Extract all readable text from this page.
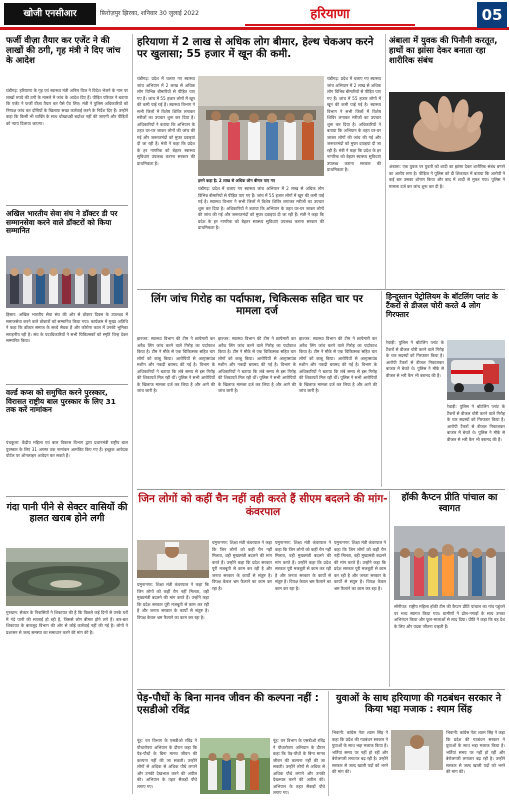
खोजी एनसीआर	फ़िरोज़पुर झिरका, शनिवार 30 जुलाई 2022	हरियाणा	05
फर्जी वीज़ा तैयार कर एजेंट ने की लाखों की ठगी, गृह मंत्री ने दिए जांच के आदेश
चंडीगढ़: हरियाणा के गृह एवं स्वास्थ्य मंत्री अनिल विज ने विदेश भेजने के नाम पर लाखों रुपये की ठगी के मामले में जांच के आदेश दिए हैं। पीड़ित परिवार ने बताया कि एजेंट ने फर्जी वीज़ा तैयार कर पैसे ऐंठ लिए। मंत्री ने पुलिस अधिकारियों को निष्पक्ष जांच कर दोषियों के खिलाफ सख्त कार्रवाई करने के निर्देश दिए हैं। उन्होंने कहा कि किसी भी व्यक्ति के साथ धोखाधड़ी बर्दाश्त नहीं की जाएगी और पीड़ितों को न्याय दिलाया जाएगा।
अखिल भारतीय सेवा संघ ने डॉक्टर डी पर सम्मानसेवा करने वाले डॉक्टरों को किया सम्मानित
हिसार: अखिल भारतीय सेवा संघ की ओर से डॉक्टर दिवस के उपलक्ष्य में समाजसेवा करने वाले डॉक्टरों को सम्मानित किया गया। कार्यक्रम में मुख्य अतिथि ने कहा कि डॉक्टर समाज के सच्चे सेवक हैं और कोरोना काल में उनकी भूमिका सराहनीय रही है। संघ के पदाधिकारियों ने सभी चिकित्सकों को स्मृति चिन्ह देकर सम्मानित किया।
वर्ल्ड कप्स को समुचित करने पुरस्कार, विरासत राष्ट्रीय बाल पुरस्कार के लिए 31 तक करें नामांकन
पंचकूला: केंद्रीय महिला एवं बाल विकास विभाग द्वारा प्रधानमंत्री राष्ट्रीय बाल पुरस्कार के लिए 31 अगस्त तक नामांकन आमंत्रित किए गए हैं। इच्छुक आवेदक पोर्टल पर ऑनलाइन आवेदन कर सकते हैं।
गंदा पानी पीने से सेक्टर वासियों की हालत खराब होने लगी
गुरुग्राम: सेक्टर के निवासियों ने शिकायत की है कि पिछले कई दिनों से उनके घरों में गंदे पानी की सप्लाई हो रही है, जिससे लोग बीमार होने लगे हैं। बार-बार शिकायत के बावजूद विभाग की ओर से कोई कार्रवाई नहीं की गई है। लोगों ने प्रशासन से जल्द समस्या का समाधान करने की मांग की है।
हरियाणा में 2 लाख से अधिक लोग बीमार, हेल्थ चेकअप करने पर खुलासा; 55 हजार में खून की कमी.
चंडीगढ़: प्रदेश में चलाए गए स्वास्थ्य जांच अभियान में 2 लाख से अधिक लोग विभिन्न बीमारियों से पीड़ित पाए गए हैं। जांच में 55 हजार लोगों में खून की कमी पाई गई है। स्वास्थ्य विभाग ने सभी जिलों में विशेष शिविर लगाकर मरीजों का उपचार शुरू कर दिया है। अधिकारियों ने बताया कि अभियान के तहत घर-घर जाकर लोगों की जांच की गई और जरूरतमंदों को मुफ्त दवाइयां दी जा रही हैं। मंत्री ने कहा कि प्रदेश के हर नागरिक को बेहतर स्वास्थ्य सुविधाएं उपलब्ध कराना सरकार की प्राथमिकता है।
हमने कहा है: 2 लाख से अधिक लोग बीमार पाए गए
चंडीगढ़: प्रदेश में चलाए गए स्वास्थ्य जांच अभियान में 2 लाख से अधिक लोग विभिन्न बीमारियों से पीड़ित पाए गए हैं। जांच में 55 हजार लोगों में खून की कमी पाई गई है। स्वास्थ्य विभाग ने सभी जिलों में विशेष शिविर लगाकर मरीजों का उपचार शुरू कर दिया है। अधिकारियों ने बताया कि अभियान के तहत घर-घर जाकर लोगों की जांच की गई और जरूरतमंदों को मुफ्त दवाइयां दी जा रही हैं। मंत्री ने कहा कि प्रदेश के हर नागरिक को बेहतर स्वास्थ्य सुविधाएं उपलब्ध कराना सरकार की प्राथमिकता है।
चंडीगढ़: प्रदेश में चलाए गए स्वास्थ्य जांच अभियान में 2 लाख से अधिक लोग विभिन्न बीमारियों से पीड़ित पाए गए हैं। जांच में 55 हजार लोगों में खून की कमी पाई गई है। स्वास्थ्य विभाग ने सभी जिलों में विशेष शिविर लगाकर मरीजों का उपचार शुरू कर दिया है। अधिकारियों ने बताया कि अभियान के तहत घर-घर जाकर लोगों की जांच की गई और जरूरतमंदों को मुफ्त दवाइयां दी जा रही हैं। मंत्री ने कहा कि प्रदेश के हर नागरिक को बेहतर स्वास्थ्य सुविधाएं उपलब्ध कराना सरकार की प्राथमिकता है।
अंबाला में युवक की पिनौनी करतूत, हाथों का झांसा देकर बनाता रहा शारीरिक संबंध
अंबाला: एक युवक पर युवती को शादी का झांसा देकर शारीरिक संबंध बनाने का आरोप लगा है। पीड़िता ने पुलिस को दी शिकायत में बताया कि आरोपी ने कई बार उसका शोषण किया और बाद में शादी से मुकर गया। पुलिस ने मामला दर्ज कर जांच शुरू कर दी है।
लिंग जांच गिरोह का पर्दाफाश, चिकित्सक सहित चार पर मामला दर्ज
झज्जर: स्वास्थ्य विभाग की टीम ने छापेमारी कर अवैध लिंग जांच करने वाले गिरोह का पर्दाफाश किया है। टीम ने मौके से एक चिकित्सक सहित चार लोगों को काबू किया। आरोपियों से अल्ट्रासाउंड मशीन और नकदी बरामद की गई है। विभाग के अधिकारियों ने बताया कि लंबे समय से इस गिरोह की शिकायतें मिल रही थीं। पुलिस ने सभी आरोपियों के खिलाफ मामला दर्ज कर लिया है और आगे की जांच जारी है।
झज्जर: स्वास्थ्य विभाग की टीम ने छापेमारी कर अवैध लिंग जांच करने वाले गिरोह का पर्दाफाश किया है। टीम ने मौके से एक चिकित्सक सहित चार लोगों को काबू किया। आरोपियों से अल्ट्रासाउंड मशीन और नकदी बरामद की गई है। विभाग के अधिकारियों ने बताया कि लंबे समय से इस गिरोह की शिकायतें मिल रही थीं। पुलिस ने सभी आरोपियों के खिलाफ मामला दर्ज कर लिया है और आगे की जांच जारी है।
झज्जर: स्वास्थ्य विभाग की टीम ने छापेमारी कर अवैध लिंग जांच करने वाले गिरोह का पर्दाफाश किया है। टीम ने मौके से एक चिकित्सक सहित चार लोगों को काबू किया। आरोपियों से अल्ट्रासाउंड मशीन और नकदी बरामद की गई है। विभाग के अधिकारियों ने बताया कि लंबे समय से इस गिरोह की शिकायतें मिल रही थीं। पुलिस ने सभी आरोपियों के खिलाफ मामला दर्ज कर लिया है और आगे की जांच जारी है।
हिन्दुस्तान पेट्रोलियम के बॉटलिंग प्लांट के टैंकरों से डीजल चोरी करते 4 लोग गिरफ्तार
रेवाड़ी: पुलिस ने बॉटलिंग प्लांट के टैंकरों से डीजल चोरी करने वाले गिरोह के चार सदस्यों को गिरफ्तार किया है। आरोपी टैंकरों से डीजल निकालकर बाजार में बेचते थे। पुलिस ने मौके से डीजल से भरी कैन भी बरामद की हैं।
रेवाड़ी: पुलिस ने बॉटलिंग प्लांट के टैंकरों से डीजल चोरी करने वाले गिरोह के चार सदस्यों को गिरफ्तार किया है। आरोपी टैंकरों से डीजल निकालकर बाजार में बेचते थे। पुलिस ने मौके से डीजल से भरी कैन भी बरामद की हैं।
जिन लोगों को कहीं चैन नहीं वही करते हैं सीएम बदलने की मांग-कंवरपाल
यमुनानगर: शिक्षा मंत्री कंवरपाल ने कहा कि जिन लोगों को कहीं चैन नहीं मिलता, वही मुख्यमंत्री बदलने की मांग करते हैं। उन्होंने कहा कि प्रदेश सरकार पूरी मजबूती से काम कर रही है और जनता सरकार के कार्यों से संतुष्ट है। विपक्ष केवल भ्रम फैलाने का काम कर रहा है।
यमुनानगर: शिक्षा मंत्री कंवरपाल ने कहा कि जिन लोगों को कहीं चैन नहीं मिलता, वही मुख्यमंत्री बदलने की मांग करते हैं। उन्होंने कहा कि प्रदेश सरकार पूरी मजबूती से काम कर रही है और जनता सरकार के कार्यों से संतुष्ट है। विपक्ष केवल भ्रम फैलाने का काम कर रहा है।
यमुनानगर: शिक्षा मंत्री कंवरपाल ने कहा कि जिन लोगों को कहीं चैन नहीं मिलता, वही मुख्यमंत्री बदलने की मांग करते हैं। उन्होंने कहा कि प्रदेश सरकार पूरी मजबूती से काम कर रही है और जनता सरकार के कार्यों से संतुष्ट है। विपक्ष केवल भ्रम फैलाने का काम कर रहा है।
यमुनानगर: शिक्षा मंत्री कंवरपाल ने कहा कि जिन लोगों को कहीं चैन नहीं मिलता, वही मुख्यमंत्री बदलने की मांग करते हैं। उन्होंने कहा कि प्रदेश सरकार पूरी मजबूती से काम कर रही है और जनता सरकार के कार्यों से संतुष्ट है। विपक्ष केवल भ्रम फैलाने का काम कर रहा है।
हॉकी कैप्टन प्रीति पांचाल का स्वागत
सोनीपत: राष्ट्रीय महिला हॉकी टीम की कैप्टन प्रीति पांचाल का गांव पहुंचने पर भव्य स्वागत किया गया। ग्रामीणों ने ढोल-नगाड़ों के साथ उनका अभिनंदन किया और फूल-मालाओं से लाद दिया। प्रीति ने कहा कि वह देश के लिए और पदक जीतना चाहती हैं।
पेड़-पौधों के बिना मानव जीवन की कल्पना नहीं : एसडीओ रविंद्र
नूंह: वन विभाग के एसडीओ रविंद्र ने पौधारोपण अभियान के दौरान कहा कि पेड़-पौधों के बिना मानव जीवन की कल्पना नहीं की जा सकती। उन्होंने लोगों से अधिक से अधिक पौधे लगाने और उनकी देखभाल करने की अपील की। अभियान के तहत सैकड़ों पौधे लगाए गए।
नूंह: वन विभाग के एसडीओ रविंद्र ने पौधारोपण अभियान के दौरान कहा कि पेड़-पौधों के बिना मानव जीवन की कल्पना नहीं की जा सकती। उन्होंने लोगों से अधिक से अधिक पौधे लगाने और उनकी देखभाल करने की अपील की। अभियान के तहत सैकड़ों पौधे लगाए गए।
युवाओं के साथ हरियाणा की गठबंधन सरकार ने किया भद्दा मजाक : श्याम सिंह
भिवानी: कांग्रेस नेता श्याम सिंह ने कहा कि प्रदेश की गठबंधन सरकार ने युवाओं के साथ भद्दा मजाक किया है। भर्तियां समय पर नहीं हो रहीं और बेरोजगारी लगातार बढ़ रही है। उन्होंने सरकार से जल्द खाली पदों को भरने की मांग की।
भिवानी: कांग्रेस नेता श्याम सिंह ने कहा कि प्रदेश की गठबंधन सरकार ने युवाओं के साथ भद्दा मजाक किया है। भर्तियां समय पर नहीं हो रहीं और बेरोजगारी लगातार बढ़ रही है। उन्होंने सरकार से जल्द खाली पदों को भरने की मांग की।
